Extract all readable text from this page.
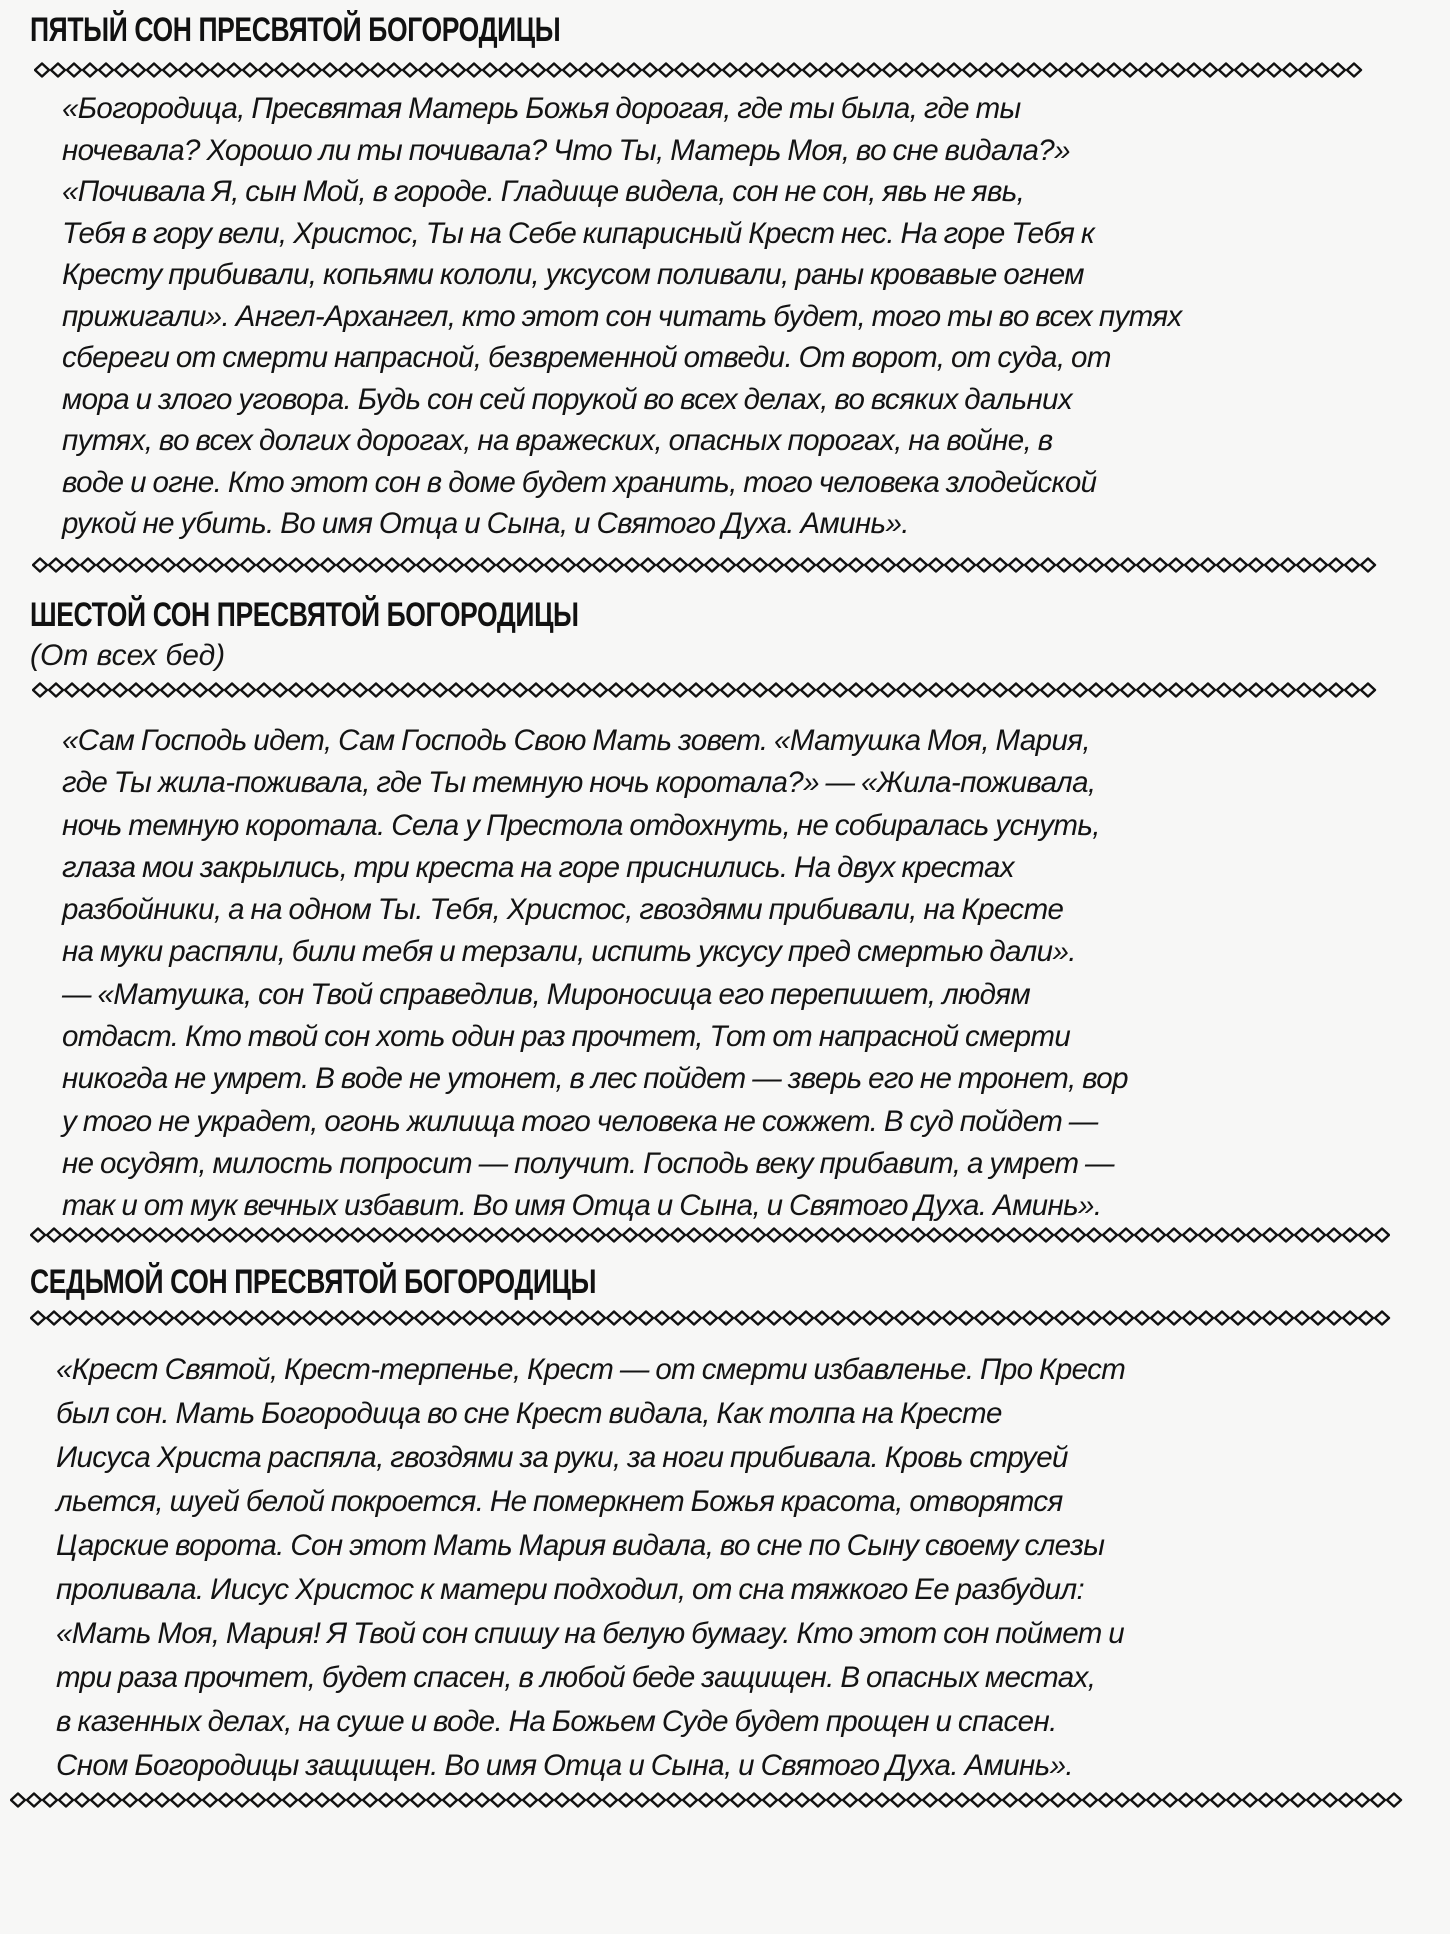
ПЯТЫЙ СОН ПРЕСВЯТОЙ БОГОРОДИЦЫ
«Богородица, Пресвятая Матерь Божья дорогая, где ты была, где ты
ночевала? Хорошо ли ты почивала? Что Ты, Матерь Моя, во сне видала?»
«Почивала Я, сын Мой, в городе. Гладище видела, сон не сон, явь не явь,
Тебя в гору вели, Христос, Ты на Себе кипарисный Крест нес. На горе Тебя к
Кресту прибивали, копьями кололи, уксусом поливали, раны кровавые огнем
прижигали». Ангел-Архангел, кто этот сон читать будет, того ты во всех путях
сбереги от смерти напрасной, безвременной отведи. От ворот, от суда, от
мора и злого уговора. Будь сон сей порукой во всех делах, во всяких дальних
путях, во всех долгих дорогах, на вражеских, опасных порогах, на войне, в
воде и огне. Кто этот сон в доме будет хранить, того человека злодейской
рукой не убить. Во имя Отца и Сына, и Святого Духа. Аминь».
ШЕСТОЙ СОН ПРЕСВЯТОЙ БОГОРОДИЦЫ

(От всех бед)

«Сам Господь идет, Сам Господь Свою Мать зовет. «Матушка Моя, Мария,
где Ты жила-поживала, где Ты темную ночь коротала?» — «Жила-поживала,
ночь темную коротала. Села у Престола отдохнуть, не собиралась уснуть,
глаза мои закрылись, три креста на горе приснились. На двух крестах
разбойники, а на одном Ты. Тебя, Христос, гвоздями прибивали, на Кресте
на муки распяли, били тебя и терзали, испить уксусу пред смертью дали».
— «Матушка, сон Твой справедлив, Мироносица его перепишет, людям
отдаст. Кто твой сон хоть один раз прочтет, Тот от напрасной смерти
никогда не умрет. В воде не утонет, в лес пойдет — зверь его не тронет, вор
у того не украдет, огонь жилища того человека не сожжет. В суд пойдет —
не осудят, милость попросит — получит. Господь веку прибавит, а умрет —
так и от мук вечных избавит. Во имя Отца и Сына, и Святого Духа. Аминь».
СЕДЬМОЙ СОН ПРЕСВЯТОЙ БОГОРОДИЦЫ
«Крест Святой, Крест-терпенье, Крест — от смерти избавленье. Про Крест
был сон. Мать Богородица во сне Крест видала, Как толпа на Кресте
Иисуса Христа распяла, гвоздями за руки, за ноги прибивала. Кровь струей
льется, шуей белой покроется. Не померкнет Божья красота, отворятся
Царские ворота. Сон этот Мать Мария видала, во сне по Сыну своему слезы
проливала. Иисус Христос к матери подходил, от сна тяжкого Ее разбудил:
«Мать Моя, Мария! Я Твой сон спишу на белую бумагу. Кто этот сон поймет и
три раза прочтет, будет спасен, в любой беде защищен. В опасных местах,
в казенных делах, на суше и воде. На Божьем Суде будет прощен и спасен.
Сном Богородицы защищен. Во имя Отца и Сына, и Святого Духа. Аминь».
